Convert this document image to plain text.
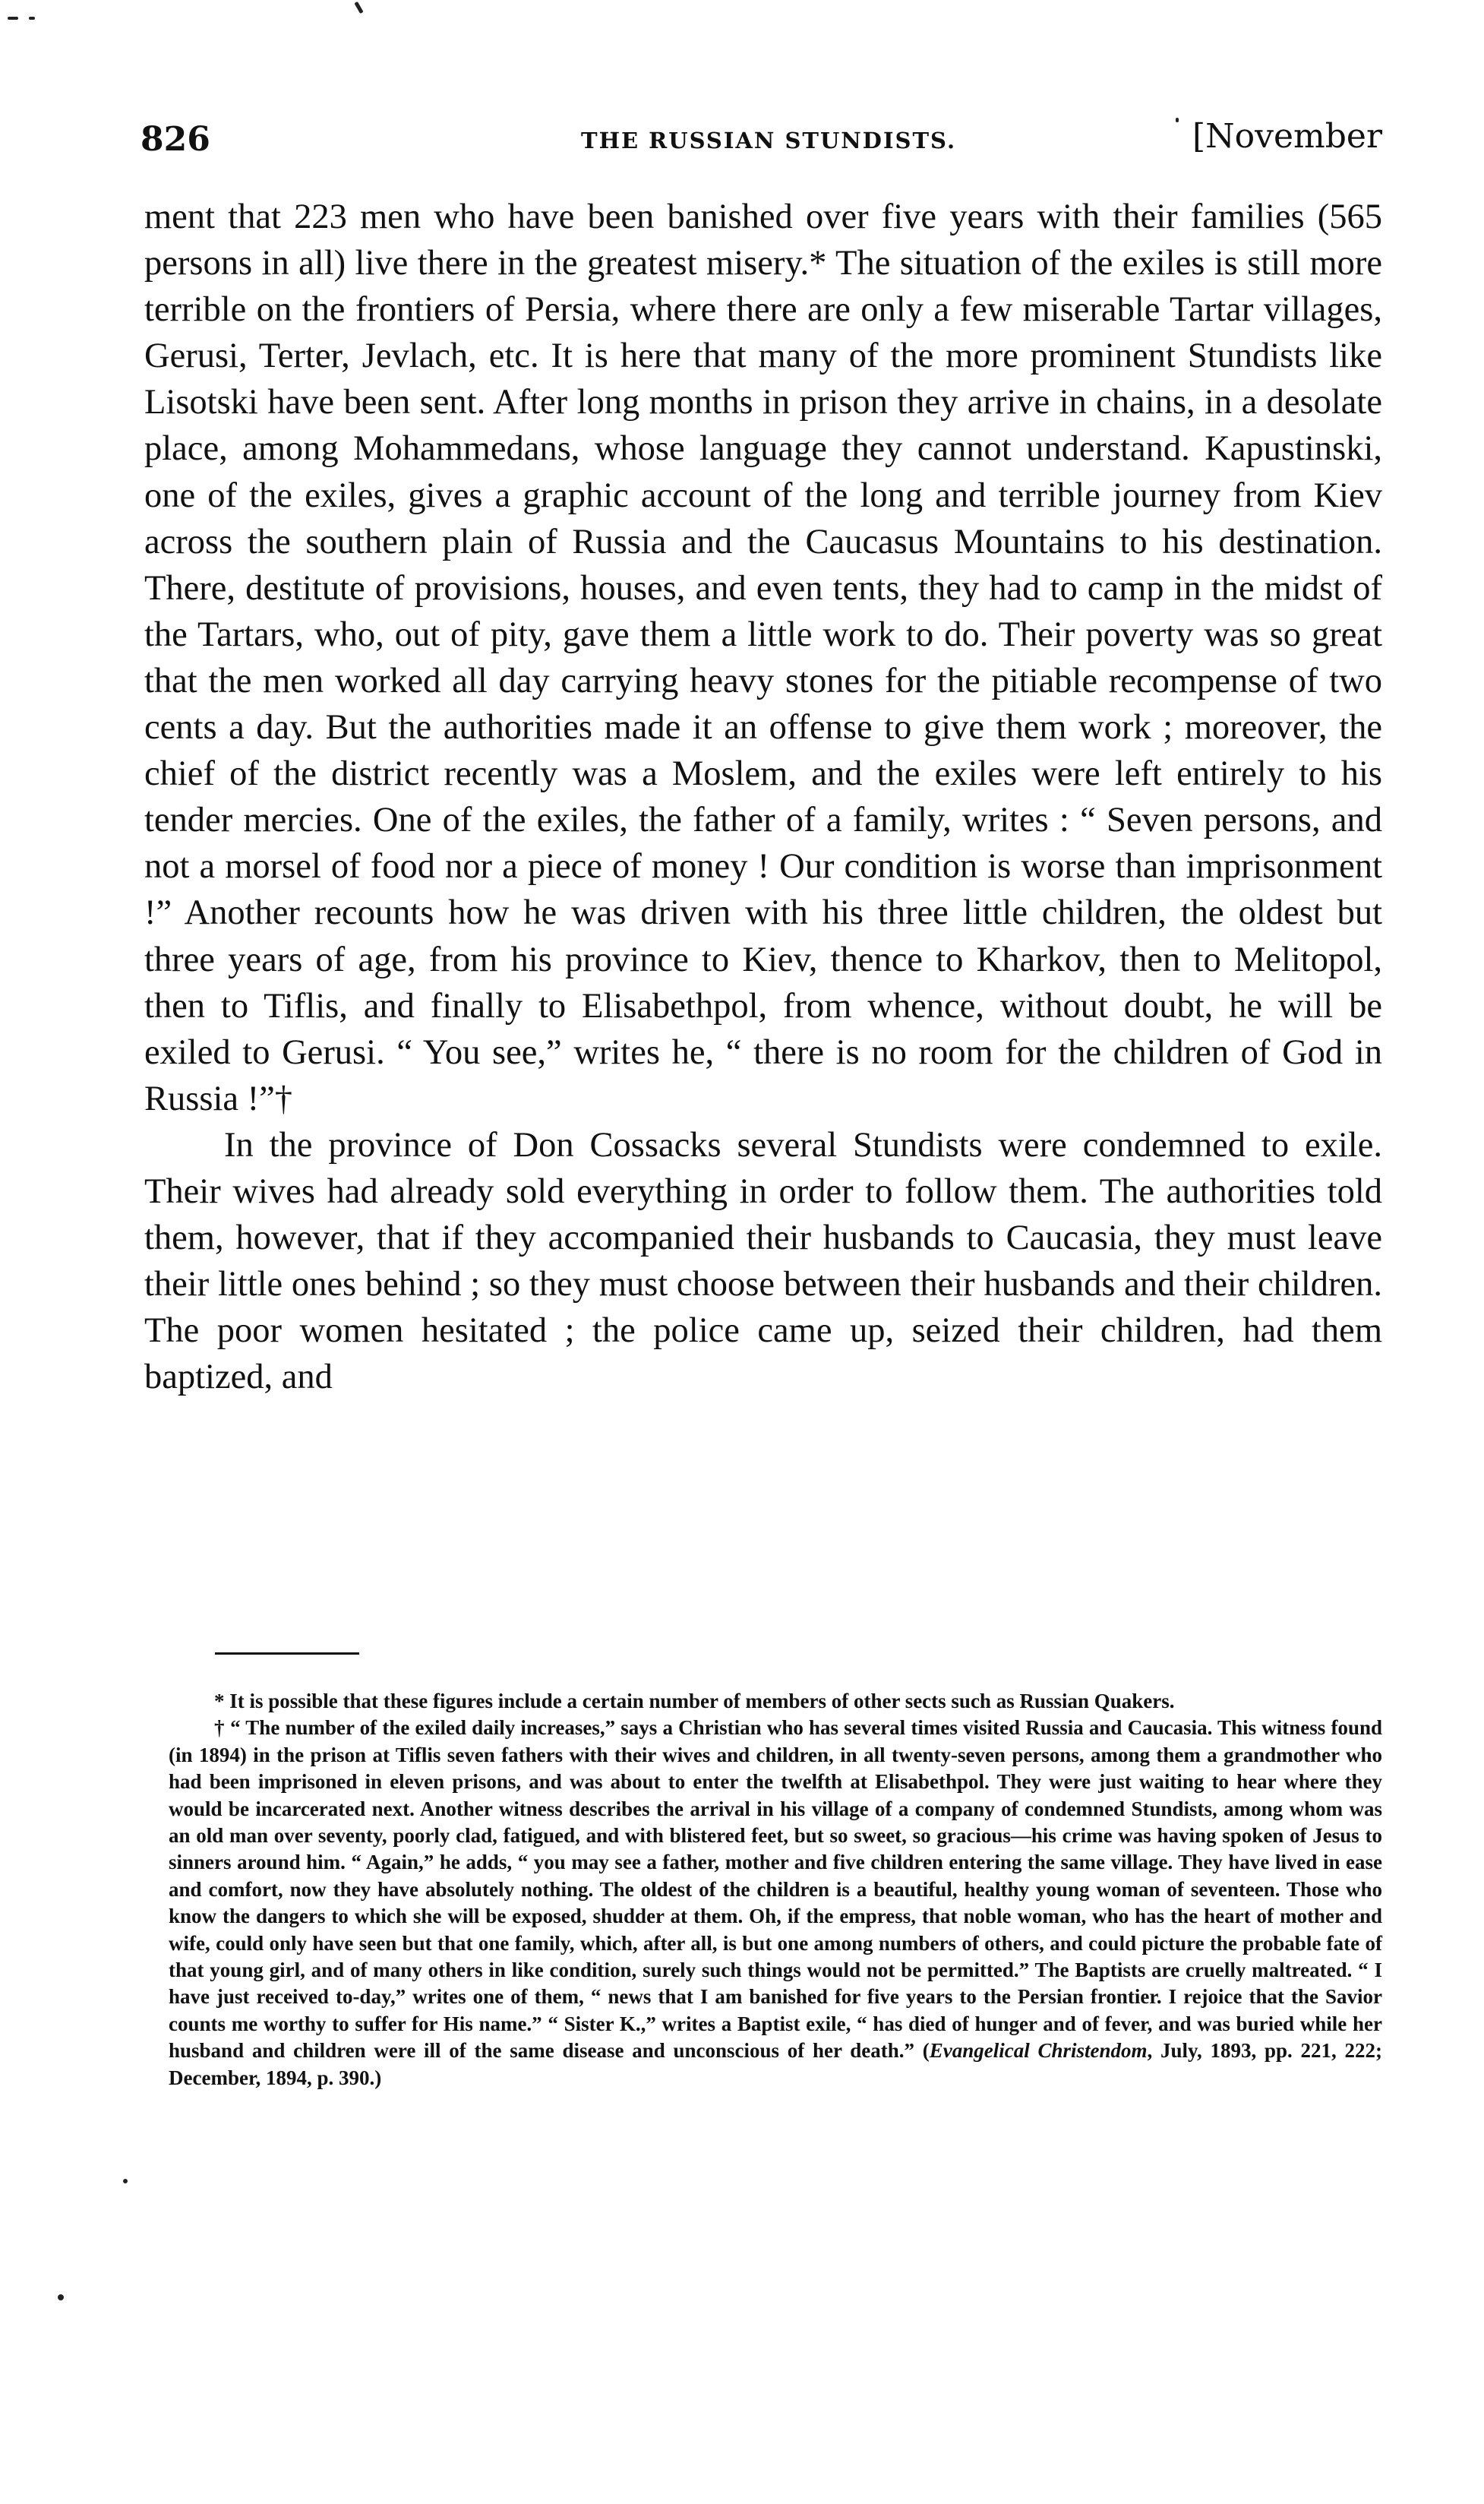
826	THE RUSSIAN STUNDISTS.	[November

ment that 223 men who have been banished over five years with their families (565 persons in all) live there in the greatest misery.* The situation of the exiles is still more terrible on the frontiers of Persia, where there are only a few miserable Tartar villages, Gerusi, Terter, Jevlach, etc. It is here that many of the more prominent Stundists like Lisotski have been sent. After long months in prison they arrive in chains, in a desolate place, among Mohammedans, whose language they cannot understand. Kapustinski, one of the exiles, gives a graphic account of the long and terrible journey from Kiev across the southern plain of Russia and the Caucasus Mountains to his destination. There, destitute of provisions, houses, and even tents, they had to camp in the midst of the Tartars, who, out of pity, gave them a little work to do. Their poverty was so great that the men worked all day carrying heavy stones for the pitiable recompense of two cents a day. But the authorities made it an offense to give them work ; moreover, the chief of the district recently was a Moslem, and the exiles were left entirely to his tender mercies. One of the exiles, the father of a family, writes : “ Seven persons, and not a morsel of food nor a piece of money ! Our condition is worse than imprisonment !” Another recounts how he was driven with his three little children, the oldest but three years of age, from his province to Kiev, thence to Kharkov, then to Melitopol, then to Tiflis, and finally to Elisabethpol, from whence, without doubt, he will be exiled to Gerusi. “ You see,” writes he, “ there is no room for the children of God in Russia !”†

In the province of Don Cossacks several Stundists were condemned to exile. Their wives had already sold everything in order to follow them. The authorities told them, however, that if they accompanied their husbands to Caucasia, they must leave their little ones behind ; so they must choose between their husbands and their children. The poor women hesitated ; the police came up, seized their children, had them baptized, and

* It is possible that these figures include a certain number of members of other sects such as Russian Quakers.

† “ The number of the exiled daily increases,” says a Christian who has several times visited Russia and Caucasia. This witness found (in 1894) in the prison at Tiflis seven fathers with their wives and children, in all twenty-seven persons, among them a grandmother who had been imprisoned in eleven prisons, and was about to enter the twelfth at Elisabethpol. They were just waiting to hear where they would be incarcerated next. Another witness describes the arrival in his village of a company of condemned Stundists, among whom was an old man over seventy, poorly clad, fatigued, and with blistered feet, but so sweet, so gracious—his crime was having spoken of Jesus to sinners around him. “ Again,” he adds, “ you may see a father, mother and five children entering the same village. They have lived in ease and comfort, now they have absolutely nothing. The oldest of the children is a beautiful, healthy young woman of seventeen. Those who know the dangers to which she will be exposed, shudder at them. Oh, if the empress, that noble woman, who has the heart of mother and wife, could only have seen but that one family, which, after all, is but one among numbers of others, and could picture the probable fate of that young girl, and of many others in like condition, surely such things would not be permitted.” The Baptists are cruelly maltreated. “ I have just received to-day,” writes one of them, “ news that I am banished for five years to the Persian frontier. I rejoice that the Savior counts me worthy to suffer for His name.” “ Sister K.,” writes a Baptist exile, “ has died of hunger and of fever, and was buried while her husband and children were ill of the same disease and unconscious of her death.” (Evangelical Christendom, July, 1893, pp. 221, 222; December, 1894, p. 390.)
